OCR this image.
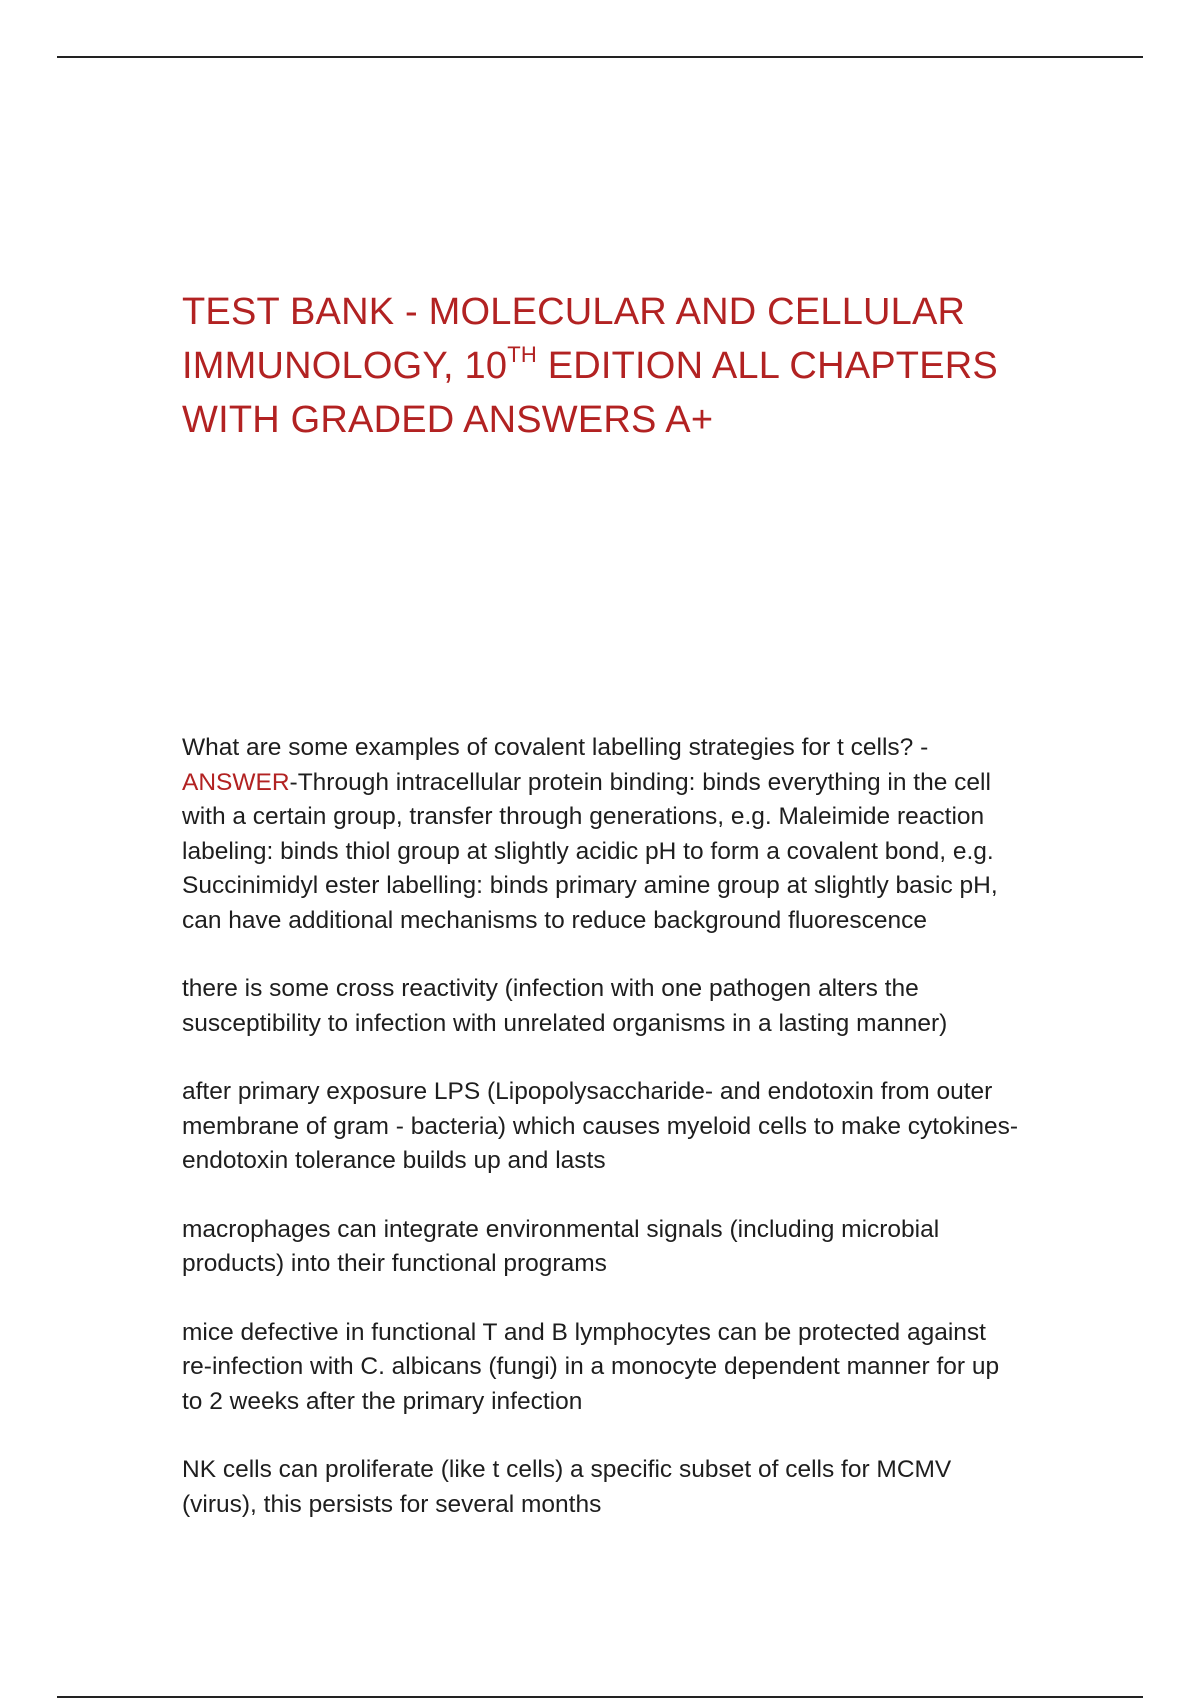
TEST BANK - MOLECULAR AND CELLULAR IMMUNOLOGY, 10TH EDITION ALL CHAPTERS WITH GRADED ANSWERS A+

What are some examples of covalent labelling strategies for t cells? -
ANSWER-Through intracellular protein binding: binds everything in the cell with a certain group, transfer through generations, e.g. Maleimide reaction labeling: binds thiol group at slightly acidic pH to form a covalent bond, e.g. Succinimidyl ester labelling: binds primary amine group at slightly basic pH, can have additional mechanisms to reduce background fluorescence

there is some cross reactivity (infection with one pathogen alters the susceptibility to infection with unrelated organisms in a lasting manner)

after primary exposure LPS (Lipopolysaccharide- and endotoxin from outer membrane of gram - bacteria) which causes myeloid cells to make cytokines- endotoxin tolerance builds up and lasts

macrophages can integrate environmental signals (including microbial products) into their functional programs

mice defective in functional T and B lymphocytes can be protected against re-infection with C. albicans (fungi) in a monocyte dependent manner for up to 2 weeks after the primary infection

NK cells can proliferate (like t cells) a specific subset of cells for MCMV (virus), this persists for several months
